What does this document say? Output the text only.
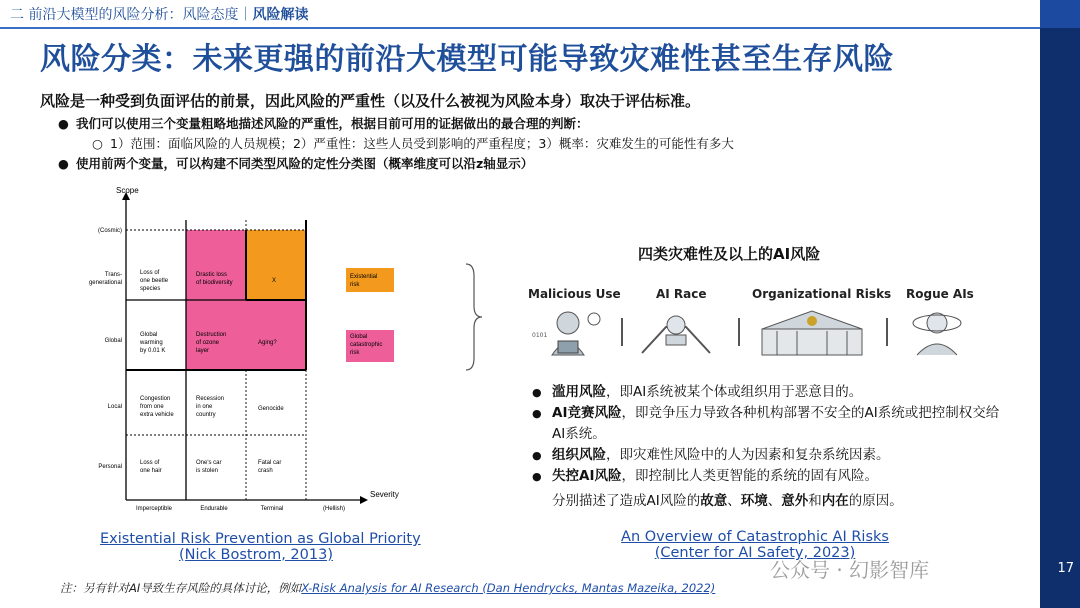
二 前沿大模型的风险分析：风险态度｜风险解读
17
风险分类：未来更强的前沿大模型可能导致灾难性甚至生存风险
风险是一种受到负面评估的前景，因此风险的严重性（以及什么被视为风险本身）取决于评估标准。
● 我们可以使用三个变量粗略地描述风险的严重性，根据目前可用的证据做出的最合理的判断：
○ 1）范围：面临风险的人员规模；2）严重性：这些人员受到影响的严重程度；3）概率：灾难发生的可能性有多大
● 使用前两个变量，可以构建不同类型风险的定性分类图（概率维度可以沿z轴显示）
Scope
Severity
(Cosmic)
Trans-generational
Global
Local
Personal
Imperceptible	Endurable	Terminal	(Hellish)
Loss of one beetle species
Drastic loss of biodiversity	X
Global warming by 0.01 K
Destruction of ozone layer
Aging?
Congestion from one extra vehicle
Recession in one country
Genocide
Loss of one hair
One's car is stolen
Fatal car crash
Existential risk
Global catastrophic risk
四类灾难性及以上的AI风险
Malicious Use	AI Race	Organizational Risks Rogue AIs
0101
● 滥用风险，即AI系统被某个体或组织用于恶意目的。
● AI竞赛风险，即竞争压力导致各种机构部署不安全的AI系统或把控制权交给AI系统。
● 组织风险，即灾难性风险中的人为因素和复杂系统因素。
● 失控AI风险，即控制比人类更智能的系统的固有风险。
分别描述了造成AI风险的故意、环境、意外和内在的原因。
Existential Risk Prevention as Global Priority
(Nick Bostrom, 2013)
An Overview of Catastrophic AI Risks
(Center for AI Safety, 2023)
注：另有针对AI导致生存风险的具体讨论，例如X-Risk Analysis for AI Research (Dan Hendrycks, Mantas Mazeika, 2022)
公众号 · 幻影智库
